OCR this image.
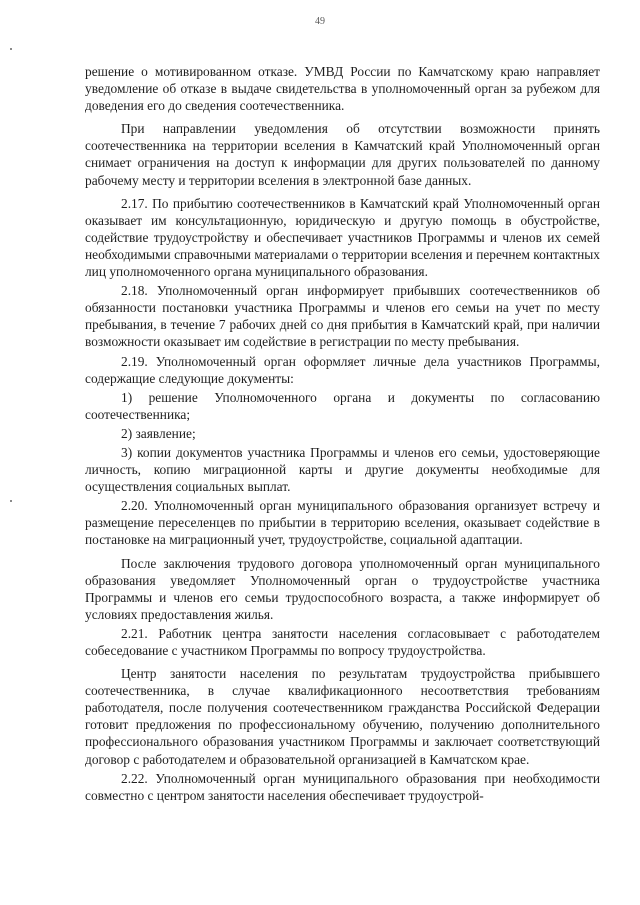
49

решение о мотивированном отказе. УМВД России по Камчатскому краю направляет уведомление об отказе в выдаче свидетельства в уполномоченный орган за рубежом для доведения его до сведения соотечественника.

При направлении уведомления об отсутствии возможности принять соотечественника на территории вселения в Камчатский край Уполномоченный орган снимает ограничения на доступ к информации для других пользователей по данному рабочему месту и территории вселения в электронной базе данных.

2.17. По прибытию соотечественников в Камчатский край Уполномоченный орган оказывает им консультационную, юридическую и другую помощь в обустройстве, содействие трудоустройству и обеспечивает участников Программы и членов их семей необходимыми справочными материалами о территории вселения и перечнем контактных лиц уполномоченного органа муниципального образования.

2.18. Уполномоченный орган информирует прибывших соотечественников об обязанности постановки участника Программы и членов его семьи на учет по месту пребывания, в течение 7 рабочих дней со дня прибытия в Камчатский край, при наличии возможности оказывает им содействие в регистрации по месту пребывания.

2.19. Уполномоченный орган оформляет личные дела участников Программы, содержащие следующие документы:

1) решение Уполномоченного органа и документы по согласованию соотечественника;

2) заявление;

3) копии документов участника Программы и членов его семьи, удостоверяющие личность, копию миграционной карты и другие документы необходимые для осуществления социальных выплат.

2.20. Уполномоченный орган муниципального образования организует встречу и размещение переселенцев по прибытии в территорию вселения, оказывает содействие в постановке на миграционный учет, трудоустройстве, социальной адаптации.

После заключения трудового договора уполномоченный орган муниципального образования уведомляет Уполномоченный орган о трудоустройстве участника Программы и членов его семьи трудоспособного возраста, а также информирует об условиях предоставления жилья.

2.21. Работник центра занятости населения согласовывает с работодателем собеседование с участником Программы по вопросу трудоустройства.

Центр занятости населения по результатам трудоустройства прибывшего соотечественника, в случае квалификационного несоответствия требованиям работодателя, после получения соотечественником гражданства Российской Федерации готовит предложения по профессиональному обучению, получению дополнительного профессионального образования участником Программы и заключает соответствующий договор с работодателем и образовательной организацией в Камчатском крае.

2.22. Уполномоченный орган муниципального образования при необходимости совместно с центром занятости населения обеспечивает трудоустрой-
